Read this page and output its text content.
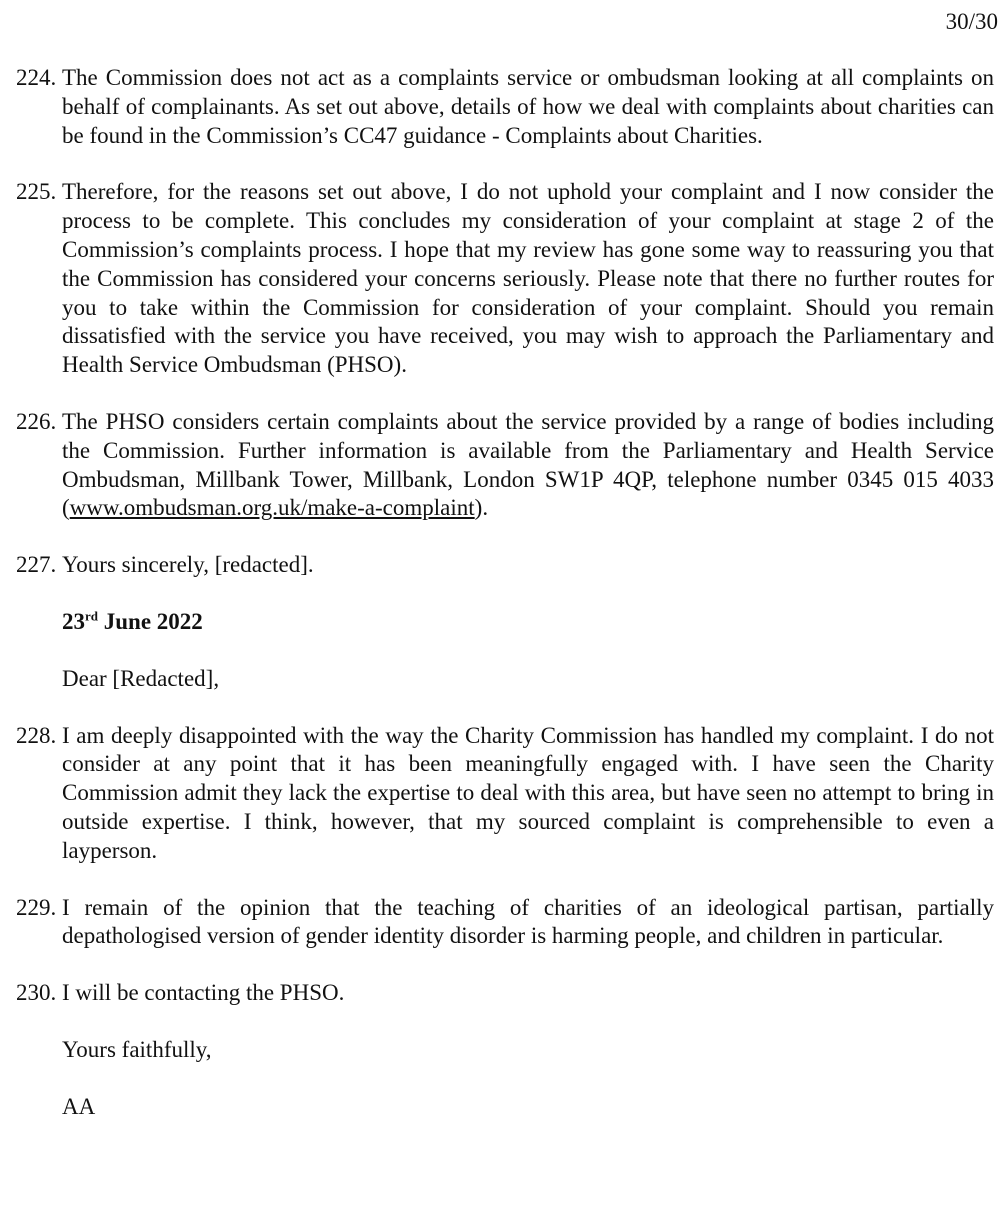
30/30
224. The Commission does not act as a complaints service or ombudsman looking at all complaints on behalf of complainants. As set out above, details of how we deal with complaints about charities can be found in the Commission’s CC47 guidance - Complaints about Charities.
225. Therefore, for the reasons set out above, I do not uphold your complaint and I now consider the process to be complete. This concludes my consideration of your complaint at stage 2 of the Commission’s complaints process. I hope that my review has gone some way to reassuring you that the Commission has considered your concerns seriously. Please note that there no further routes for you to take within the Commission for consideration of your complaint. Should you remain dissatisfied with the service you have received, you may wish to approach the Parliamentary and Health Service Ombudsman (PHSO).
226. The PHSO considers certain complaints about the service provided by a range of bodies including the Commission. Further information is available from the Parliamentary and Health Service Ombudsman, Millbank Tower, Millbank, London SW1P 4QP, telephone number 0345 015 4033 (www.ombudsman.org.uk/make-a-complaint).
227. Yours sincerely, [redacted].
23rd June 2022
Dear [Redacted],
228. I am deeply disappointed with the way the Charity Commission has handled my complaint. I do not consider at any point that it has been meaningfully engaged with. I have seen the Charity Commission admit they lack the expertise to deal with this area, but have seen no attempt to bring in outside expertise. I think, however, that my sourced complaint is comprehensible to even a layperson.
229. I remain of the opinion that the teaching of charities of an ideological partisan, partially depathologised version of gender identity disorder is harming people, and children in particular.
230. I will be contacting the PHSO.
Yours faithfully,
AA
